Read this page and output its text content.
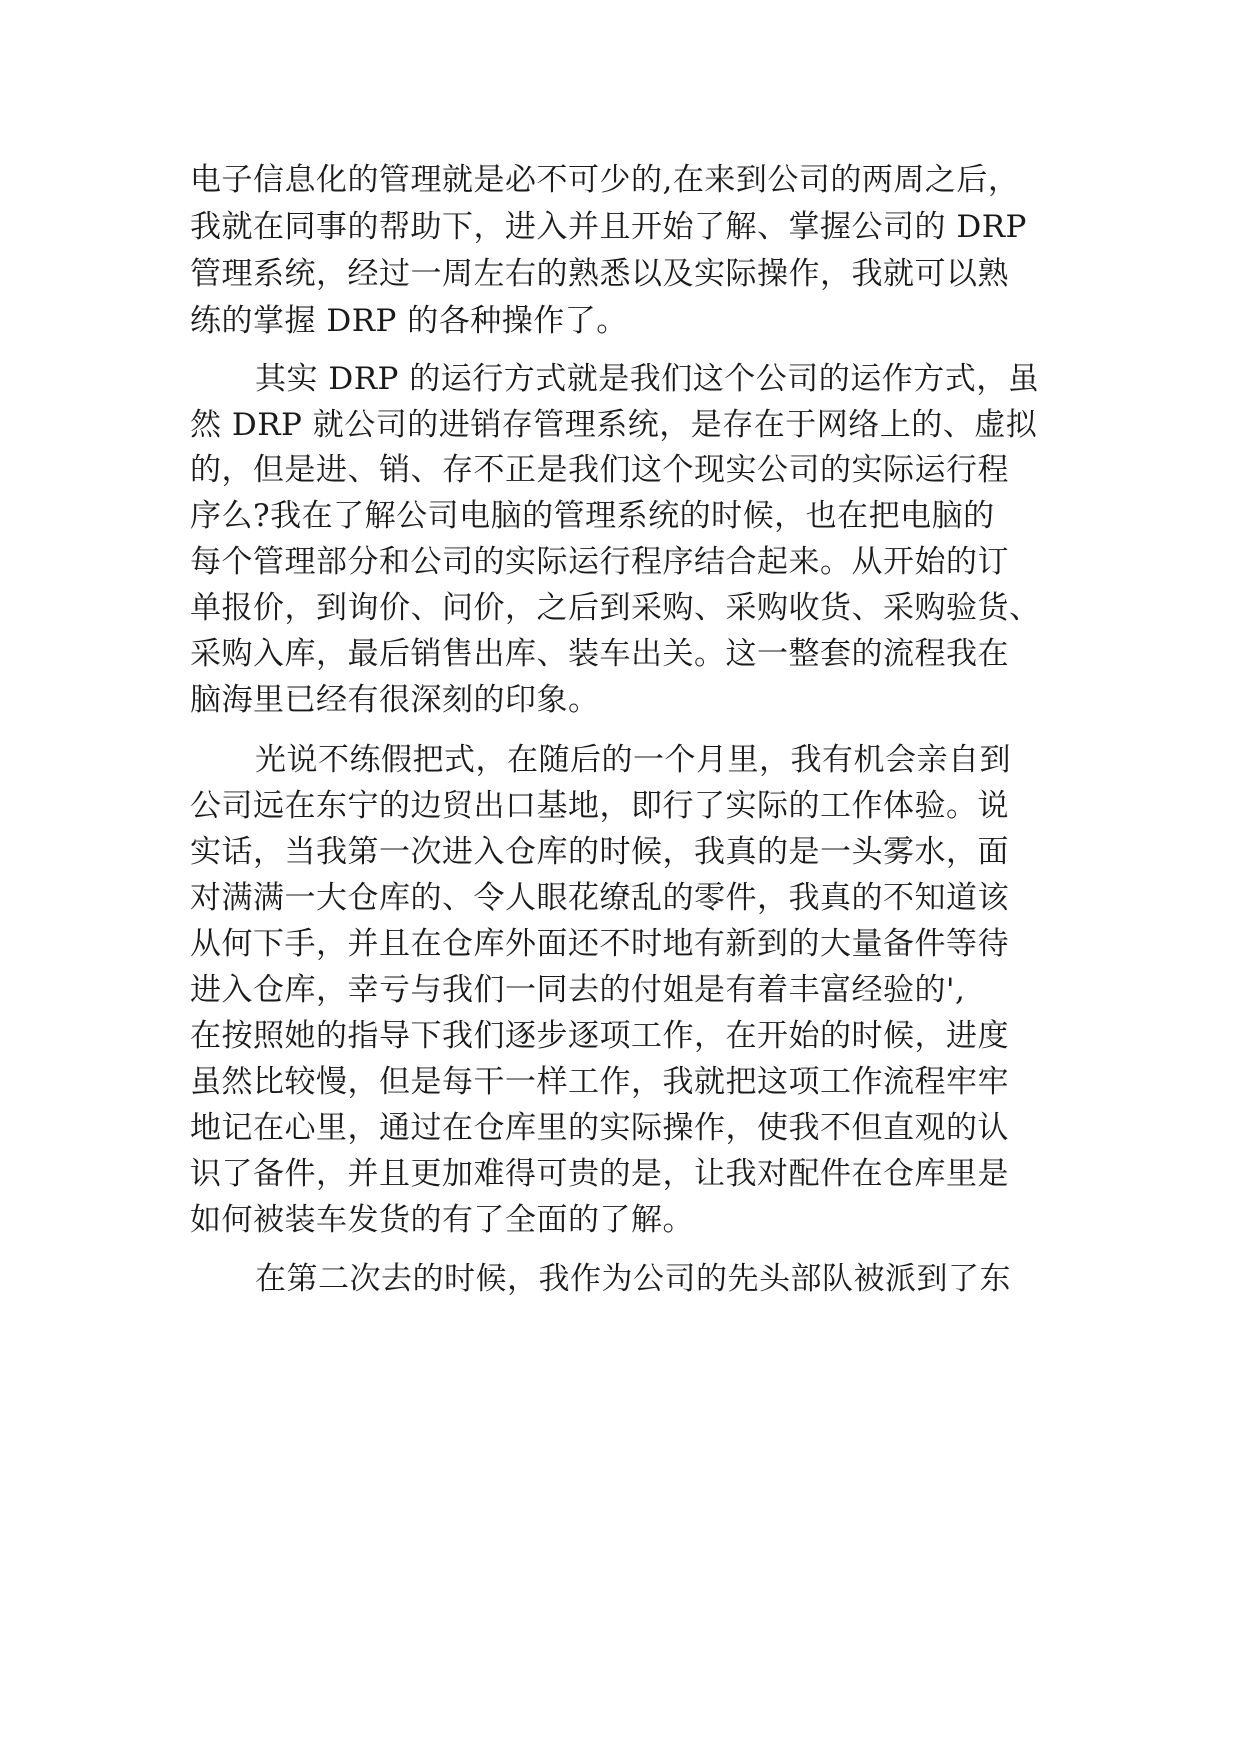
电子信息化的管理就是必不可少的,在来到公司的两周之后，
我就在同事的帮助下，进入并且开始了解、掌握公司的 DRP
管理系统，经过一周左右的熟悉以及实际操作，我就可以熟
练的掌握 DRP 的各种操作了。
其实 DRP 的运行方式就是我们这个公司的运作方式，虽
然 DRP 就公司的进销存管理系统，是存在于网络上的、虚拟
的，但是进、销、存不正是我们这个现实公司的实际运行程
序么?我在了解公司电脑的管理系统的时候，也在把电脑的
每个管理部分和公司的实际运行程序结合起来。从开始的订
单报价，到询价、问价，之后到采购、采购收货、采购验货、
采购入库，最后销售出库、装车出关。这一整套的流程我在
脑海里已经有很深刻的印象。
光说不练假把式，在随后的一个月里，我有机会亲自到
公司远在东宁的边贸出口基地，即行了实际的工作体验。说
实话，当我第一次进入仓库的时候，我真的是一头雾水，面
对满满一大仓库的、令人眼花缭乱的零件，我真的不知道该
从何下手，并且在仓库外面还不时地有新到的大量备件等待
进入仓库，幸亏与我们一同去的付姐是有着丰富经验的',
在按照她的指导下我们逐步逐项工作，在开始的时候，进度
虽然比较慢，但是每干一样工作，我就把这项工作流程牢牢
地记在心里，通过在仓库里的实际操作，使我不但直观的认
识了备件，并且更加难得可贵的是，让我对配件在仓库里是
如何被装车发货的有了全面的了解。
在第二次去的时候，我作为公司的先头部队被派到了东
